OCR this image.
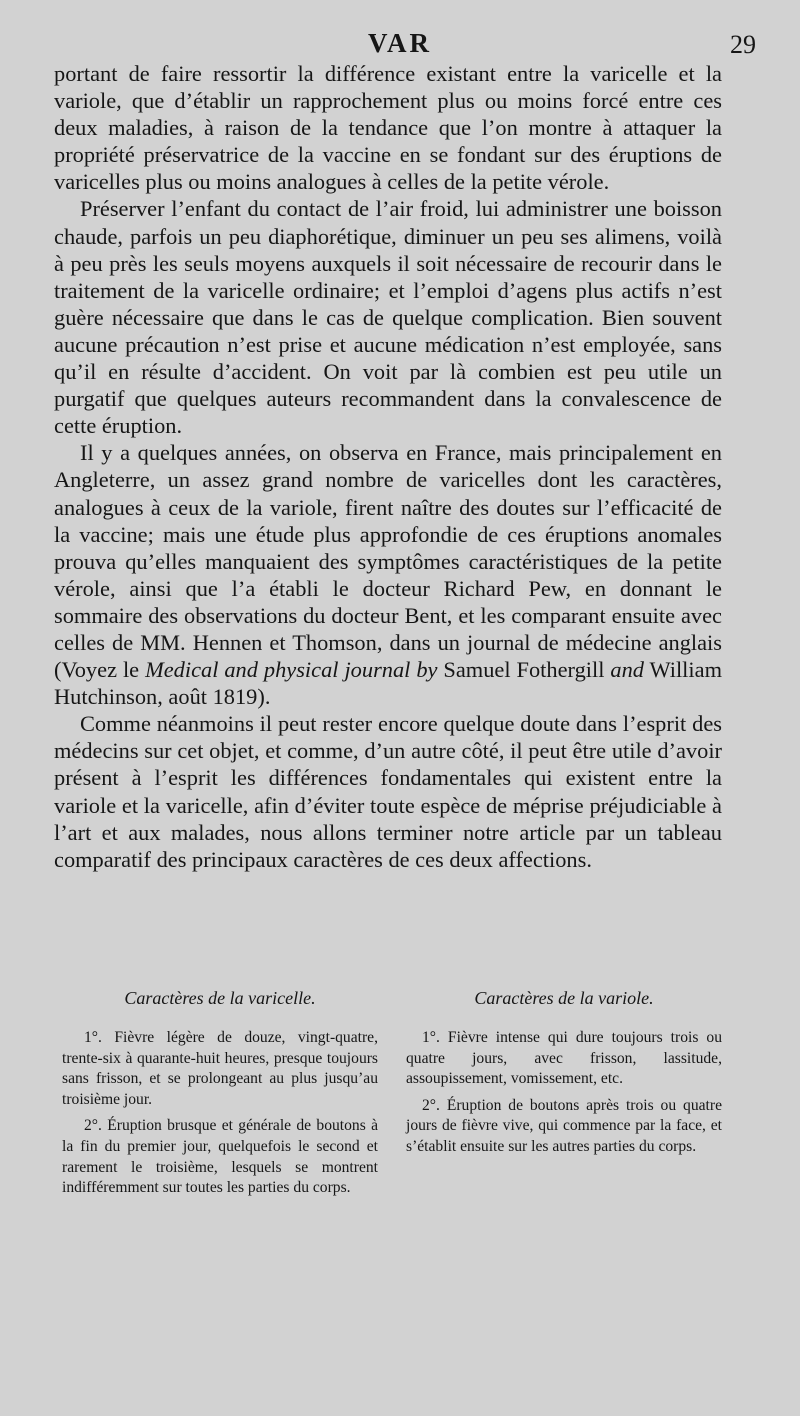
VAR	29

portant de faire ressortir la différence existant entre la varicelle et la variole, que d’établir un rapprochement plus ou moins forcé entre ces deux maladies, à raison de la tendance que l’on montre à attaquer la propriété préservatrice de la vaccine en se fondant sur des éruptions de varicelles plus ou moins analogues à celles de la petite vérole.

Préserver l’enfant du contact de l’air froid, lui administrer une boisson chaude, parfois un peu diaphorétique, diminuer un peu ses alimens, voilà à peu près les seuls moyens auxquels il soit nécessaire de recourir dans le traitement de la varicelle ordinaire; et l’emploi d’agens plus actifs n’est guère nécessaire que dans le cas de quelque complication. Bien souvent aucune précaution n’est prise et aucune médication n’est employée, sans qu’il en résulte d’accident. On voit par là combien est peu utile un purgatif que quelques auteurs recommandent dans la convalescence de cette éruption.

Il y a quelques années, on observa en France, mais principalement en Angleterre, un assez grand nombre de varicelles dont les caractères, analogues à ceux de la variole, firent naître des doutes sur l’efficacité de la vaccine; mais une étude plus approfondie de ces éruptions anomales prouva qu’elles manquaient des symptômes caractéristiques de la petite vérole, ainsi que l’a établi le docteur Richard Pew, en donnant le sommaire des observations du docteur Bent, et les comparant ensuite avec celles de MM. Hennen et Thomson, dans un journal de médecine anglais (Voyez le Medical and physical journal by Samuel Fothergill and William Hutchinson, août 1819).

Comme néanmoins il peut rester encore quelque doute dans l’esprit des médecins sur cet objet, et comme, d’un autre côté, il peut être utile d’avoir présent à l’esprit les différences fondamentales qui existent entre la variole et la varicelle, afin d’éviter toute espèce de méprise préjudiciable à l’art et aux malades, nous allons terminer notre article par un tableau comparatif des principaux caractères de ces deux affections.

Caractères de la varicelle.

1°. Fièvre légère de douze, vingt-quatre, trente-six à quarante-huit heures, presque toujours sans frisson, et se prolongeant au plus jusqu’au troisième jour.

2°. Éruption brusque et générale de boutons à la fin du premier jour, quelquefois le second et rarement le troisième, lesquels se montrent indifféremment sur toutes les parties du corps.

Caractères de la variole.

1°. Fièvre intense qui dure toujours trois ou quatre jours, avec frisson, lassitude, assoupissement, vomissement, etc.

2°. Éruption de boutons après trois ou quatre jours de fièvre vive, qui commence par la face, et s’établit ensuite sur les autres parties du corps.
